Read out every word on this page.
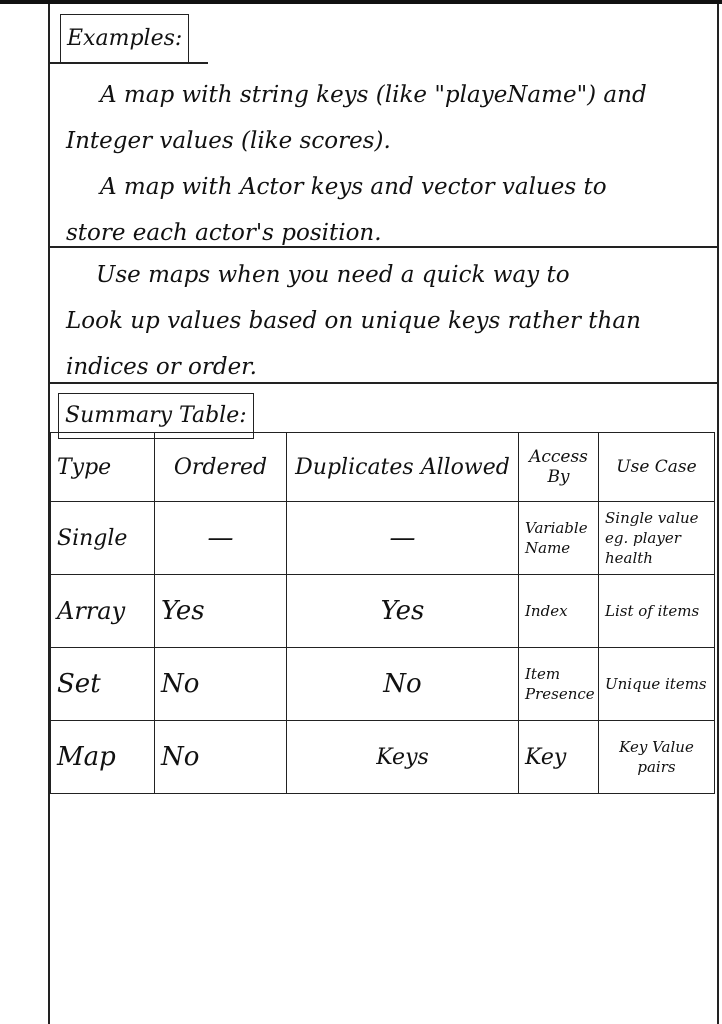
Examples:
A map with string keys (like "playeName") and
Integer values (like scores).
A map with Actor keys and vector values to
store each actor's position.
Use maps when you need a quick way to
Look up values based on unique keys rather than
indices or order.
Summary Table:
Type	Ordered	Duplicates Allowed	Access By	Use Case
Single	—	—	Variable Name	Single value eg. player health
Array	Yes	Yes	Index	List of items
Set	No	No	Item Presence	Unique items
Map	No	Keys	Key	Key Value pairs
